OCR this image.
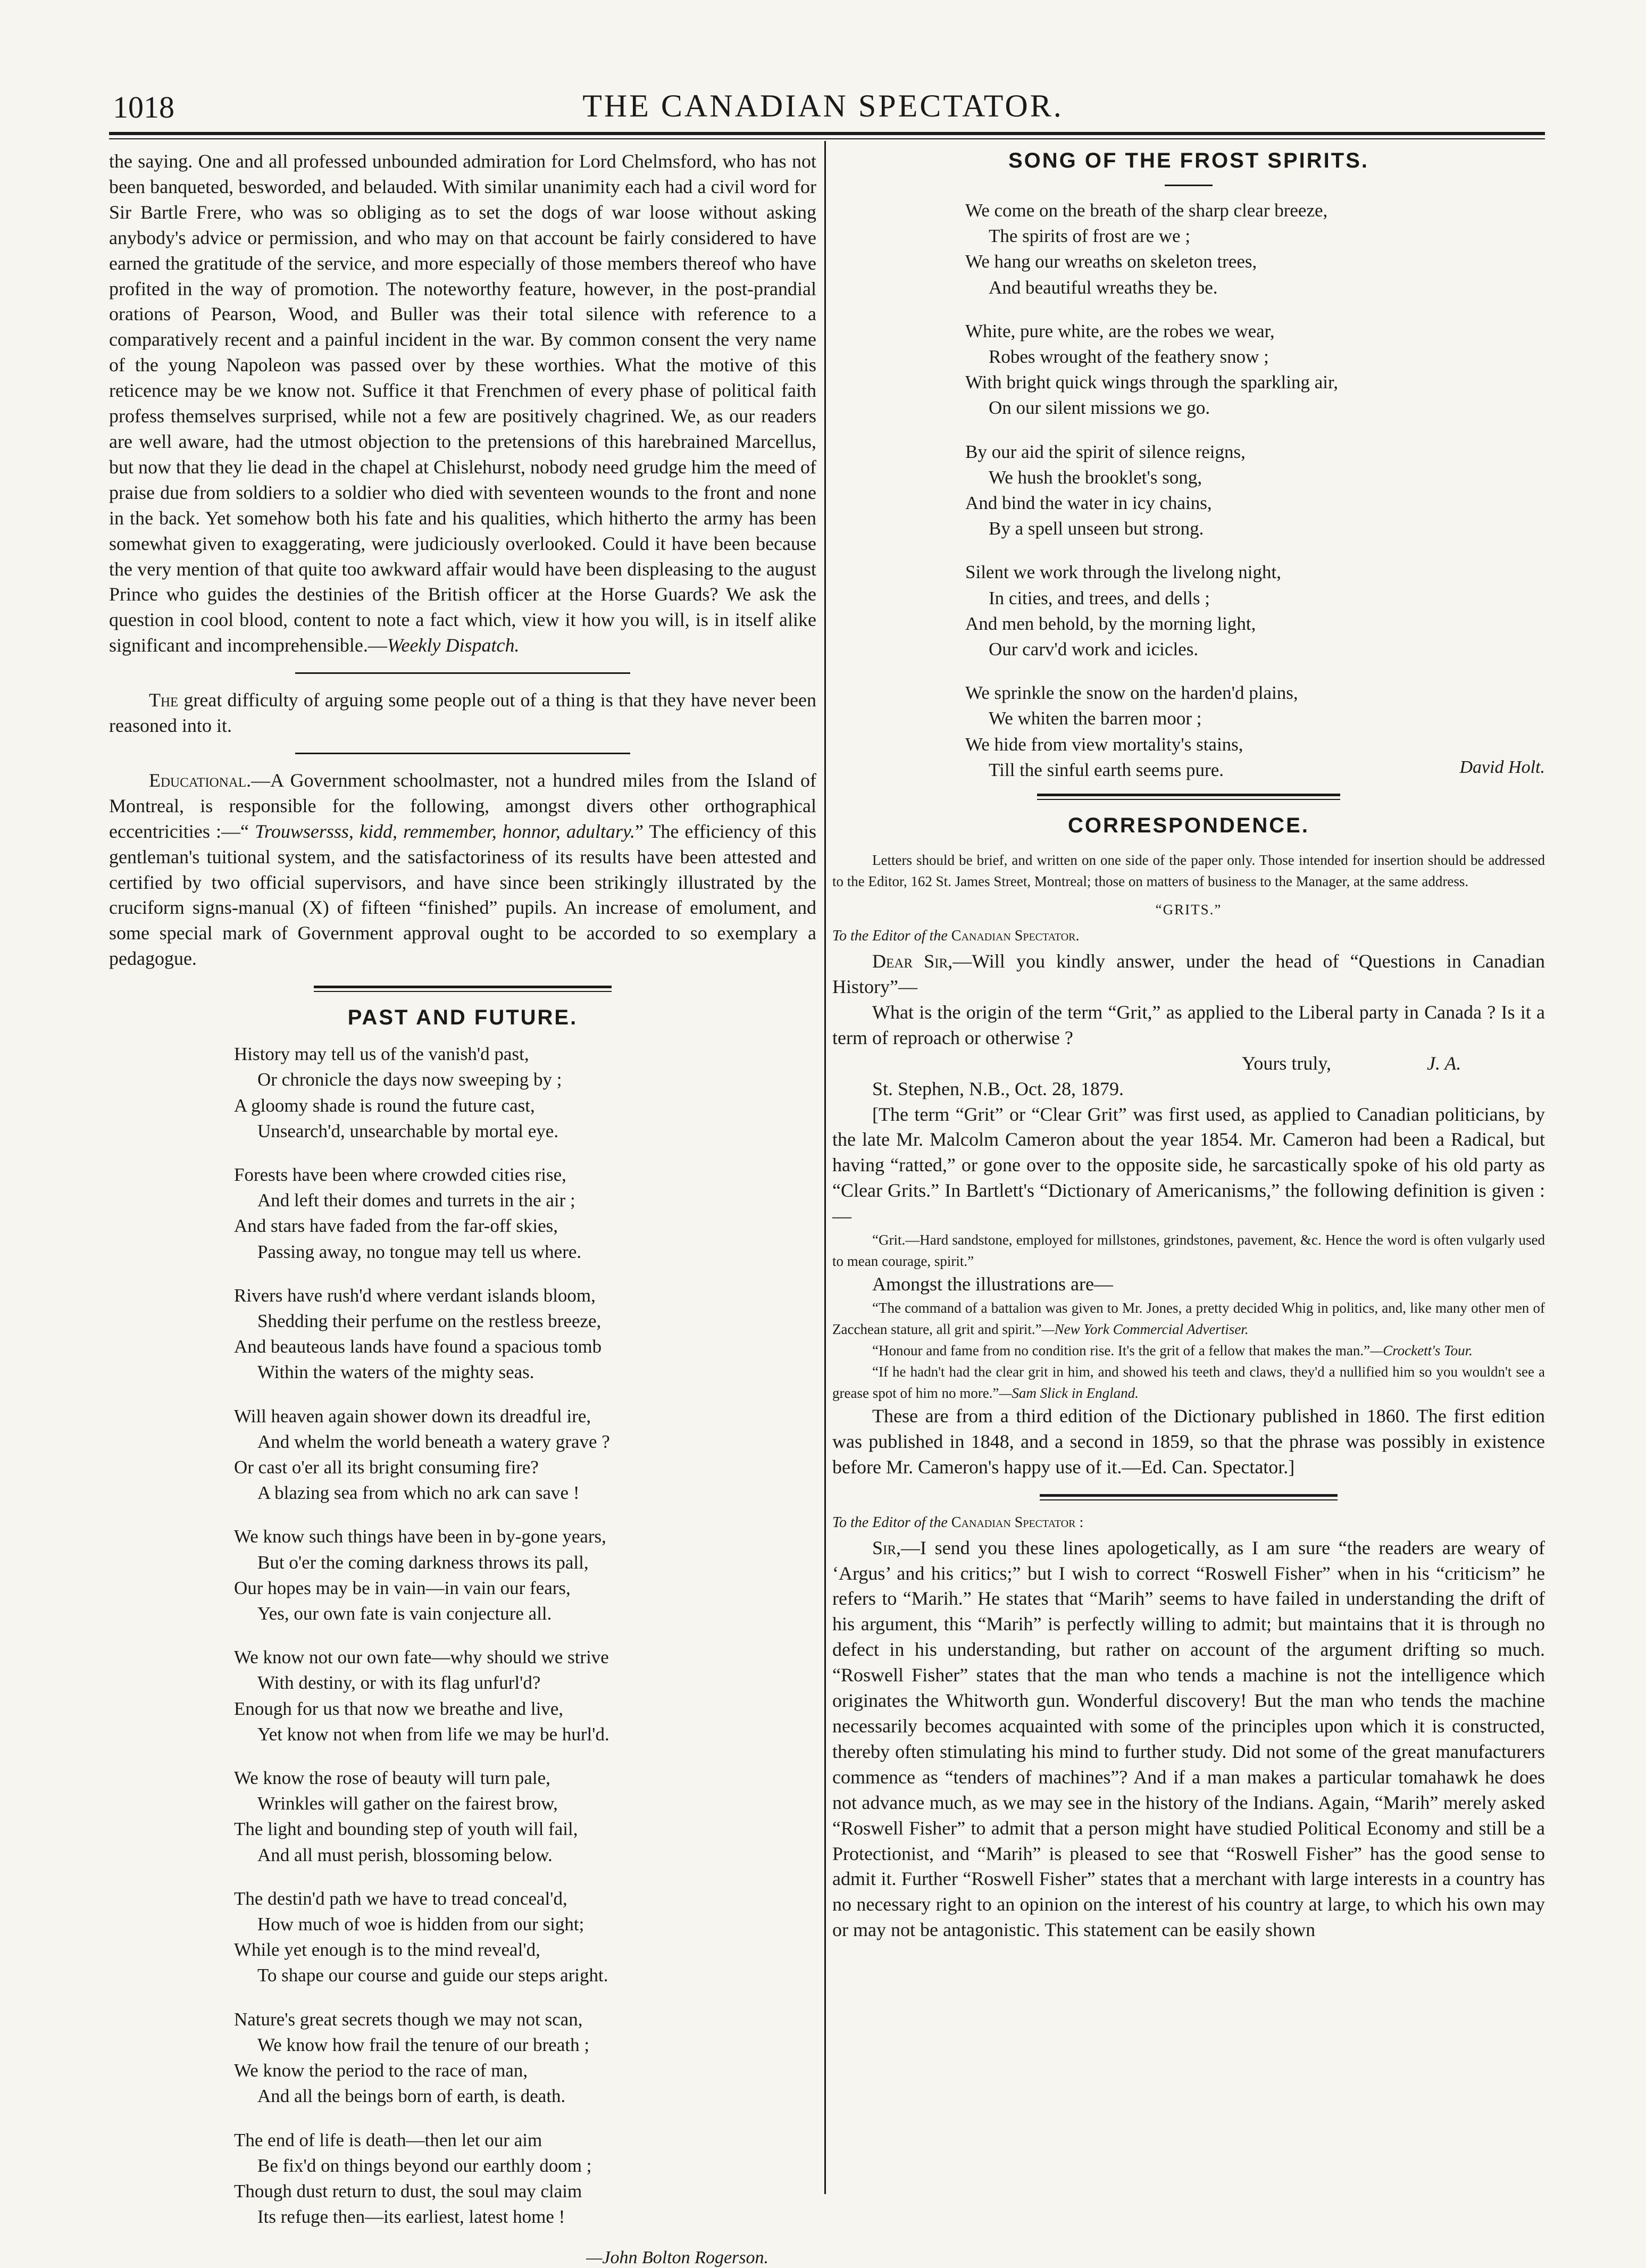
1018	THE CANADIAN SPECTATOR.

the saying. One and all professed unbounded admiration for Lord Chelmsford, who has not been banqueted, besworded, and belauded. With similar unanimity each had a civil word for Sir Bartle Frere, who was so obliging as to set the dogs of war loose without asking anybody's advice or permission, and who may on that account be fairly considered to have earned the gratitude of the service, and more especially of those members thereof who have profited in the way of promotion. The noteworthy feature, however, in the post-prandial orations of Pearson, Wood, and Buller was their total silence with reference to a comparatively recent and a painful incident in the war. By common consent the very name of the young Napoleon was passed over by these worthies. What the motive of this reticence may be we know not. Suffice it that Frenchmen of every phase of political faith profess themselves surprised, while not a few are positively chagrined. We, as our readers are well aware, had the utmost objection to the pretensions of this harebrained Marcellus, but now that they lie dead in the chapel at Chislehurst, nobody need grudge him the meed of praise due from soldiers to a soldier who died with seventeen wounds to the front and none in the back. Yet somehow both his fate and his qualities, which hitherto the army has been somewhat given to exaggerating, were judiciously overlooked. Could it have been because the very mention of that quite too awkward affair would have been displeasing to the august Prince who guides the destinies of the British officer at the Horse Guards? We ask the question in cool blood, content to note a fact which, view it how you will, is in itself alike significant and incomprehensible.—Weekly Dispatch.

The great difficulty of arguing some people out of a thing is that they have never been reasoned into it.

Educational.—A Government schoolmaster, not a hundred miles from the Island of Montreal, is responsible for the following, amongst divers other orthographical eccentricities :—“ Trouwsersss, kidd, remmember, honnor, adultary.” The efficiency of this gentleman's tuitional system, and the satisfactoriness of its results have been attested and certified by two official supervisors, and have since been strikingly illustrated by the cruciform signs-manual (X) of fifteen “finished” pupils. An increase of emolument, and some special mark of Government approval ought to be accorded to so exemplary a pedagogue.

PAST AND FUTURE.
History may tell us of the vanish'd past,
Or chronicle the days now sweeping by ;
A gloomy shade is round the future cast,
Unsearch'd, unsearchable by mortal eye.
Forests have been where crowded cities rise,
And left their domes and turrets in the air ;
And stars have faded from the far-off skies,
Passing away, no tongue may tell us where.
Rivers have rush'd where verdant islands bloom,
Shedding their perfume on the restless breeze,
And beauteous lands have found a spacious tomb
Within the waters of the mighty seas.
Will heaven again shower down its dreadful ire,
And whelm the world beneath a watery grave ?
Or cast o'er all its bright consuming fire?
A blazing sea from which no ark can save !
We know such things have been in by-gone years,
But o'er the coming darkness throws its pall,
Our hopes may be in vain—in vain our fears,
Yes, our own fate is vain conjecture all.
We know not our own fate—why should we strive
With destiny, or with its flag unfurl'd?
Enough for us that now we breathe and live,
Yet know not when from life we may be hurl'd.
We know the rose of beauty will turn pale,
Wrinkles will gather on the fairest brow,
The light and bounding step of youth will fail,
And all must perish, blossoming below.
The destin'd path we have to tread conceal'd,
How much of woe is hidden from our sight;
While yet enough is to the mind reveal'd,
To shape our course and guide our steps aright.
Nature's great secrets though we may not scan,
We know how frail the tenure of our breath ;
We know the period to the race of man,
And all the beings born of earth, is death.
The end of life is death—then let our aim
Be fix'd on things beyond our earthly doom ;
Though dust return to dust, the soul may claim
Its refuge then—its earliest, latest home !
—John Bolton Rogerson.
SONG OF THE FROST SPIRITS.
We come on the breath of the sharp clear breeze,
The spirits of frost are we ;
We hang our wreaths on skeleton trees,
And beautiful wreaths they be.
White, pure white, are the robes we wear,
Robes wrought of the feathery snow ;
With bright quick wings through the sparkling air,
On our silent missions we go.
By our aid the spirit of silence reigns,
We hush the brooklet's song,
And bind the water in icy chains,
By a spell unseen but strong.
Silent we work through the livelong night,
In cities, and trees, and dells ;
And men behold, by the morning light,
Our carv'd work and icicles.
We sprinkle the snow on the harden'd plains,
We whiten the barren moor ;
We hide from view mortality's stains,
Till the sinful earth seems pure.	David Holt.
CORRESPONDENCE.

Letters should be brief, and written on one side of the paper only. Those intended for insertion should be addressed to the Editor, 162 St. James Street, Montreal; those on matters of business to the Manager, at the same address.

“GRITS.”
To the Editor of the Canadian Spectator.

Dear Sir,—Will you kindly answer, under the head of “Questions in Canadian History”—

What is the origin of the term “Grit,” as applied to the Liberal party in Canada ? Is it a term of reproach or otherwise ?

Yours truly,	J. A.

St. Stephen, N.B., Oct. 28, 1879.

[The term “Grit” or “Clear Grit” was first used, as applied to Canadian politicians, by the late Mr. Malcolm Cameron about the year 1854. Mr. Cameron had been a Radical, but having “ratted,” or gone over to the opposite side, he sarcastically spoke of his old party as “Clear Grits.” In Bartlett's “Dictionary of Americanisms,” the following definition is given :—

“Grit.—Hard sandstone, employed for millstones, grindstones, pavement, &c. Hence the word is often vulgarly used to mean courage, spirit.”

Amongst the illustrations are—

“The command of a battalion was given to Mr. Jones, a pretty decided Whig in politics, and, like many other men of Zacchean stature, all grit and spirit.”—New York Commercial Advertiser.

“Honour and fame from no condition rise. It's the grit of a fellow that makes the man.”—Crockett's Tour.

“If he hadn't had the clear grit in him, and showed his teeth and claws, they'd a nullified him so you wouldn't see a grease spot of him no more.”—Sam Slick in England.

These are from a third edition of the Dictionary published in 1860. The first edition was published in 1848, and a second in 1859, so that the phrase was possibly in existence before Mr. Cameron's happy use of it.—Ed. Can. Spectator.]

To the Editor of the Canadian Spectator :

Sir,—I send you these lines apologetically, as I am sure “the readers are weary of ‘Argus’ and his critics;” but I wish to correct “Roswell Fisher” when in his “criticism” he refers to “Marih.” He states that “Marih” seems to have failed in understanding the drift of his argument, this “Marih” is perfectly willing to admit; but maintains that it is through no defect in his understanding, but rather on account of the argument drifting so much. “Roswell Fisher” states that the man who tends a machine is not the intelligence which originates the Whitworth gun. Wonderful discovery! But the man who tends the machine necessarily becomes acquainted with some of the principles upon which it is constructed, thereby often stimulating his mind to further study. Did not some of the great manufacturers commence as “tenders of machines”? And if a man makes a particular tomahawk he does not advance much, as we may see in the history of the Indians. Again, “Marih” merely asked “Roswell Fisher” to admit that a person might have studied Political Economy and still be a Protectionist, and “Marih” is pleased to see that “Roswell Fisher” has the good sense to admit it. Further “Roswell Fisher” states that a merchant with large interests in a country has no necessary right to an opinion on the interest of his country at large, to which his own may or may not be antagonistic. This statement can be easily shown
